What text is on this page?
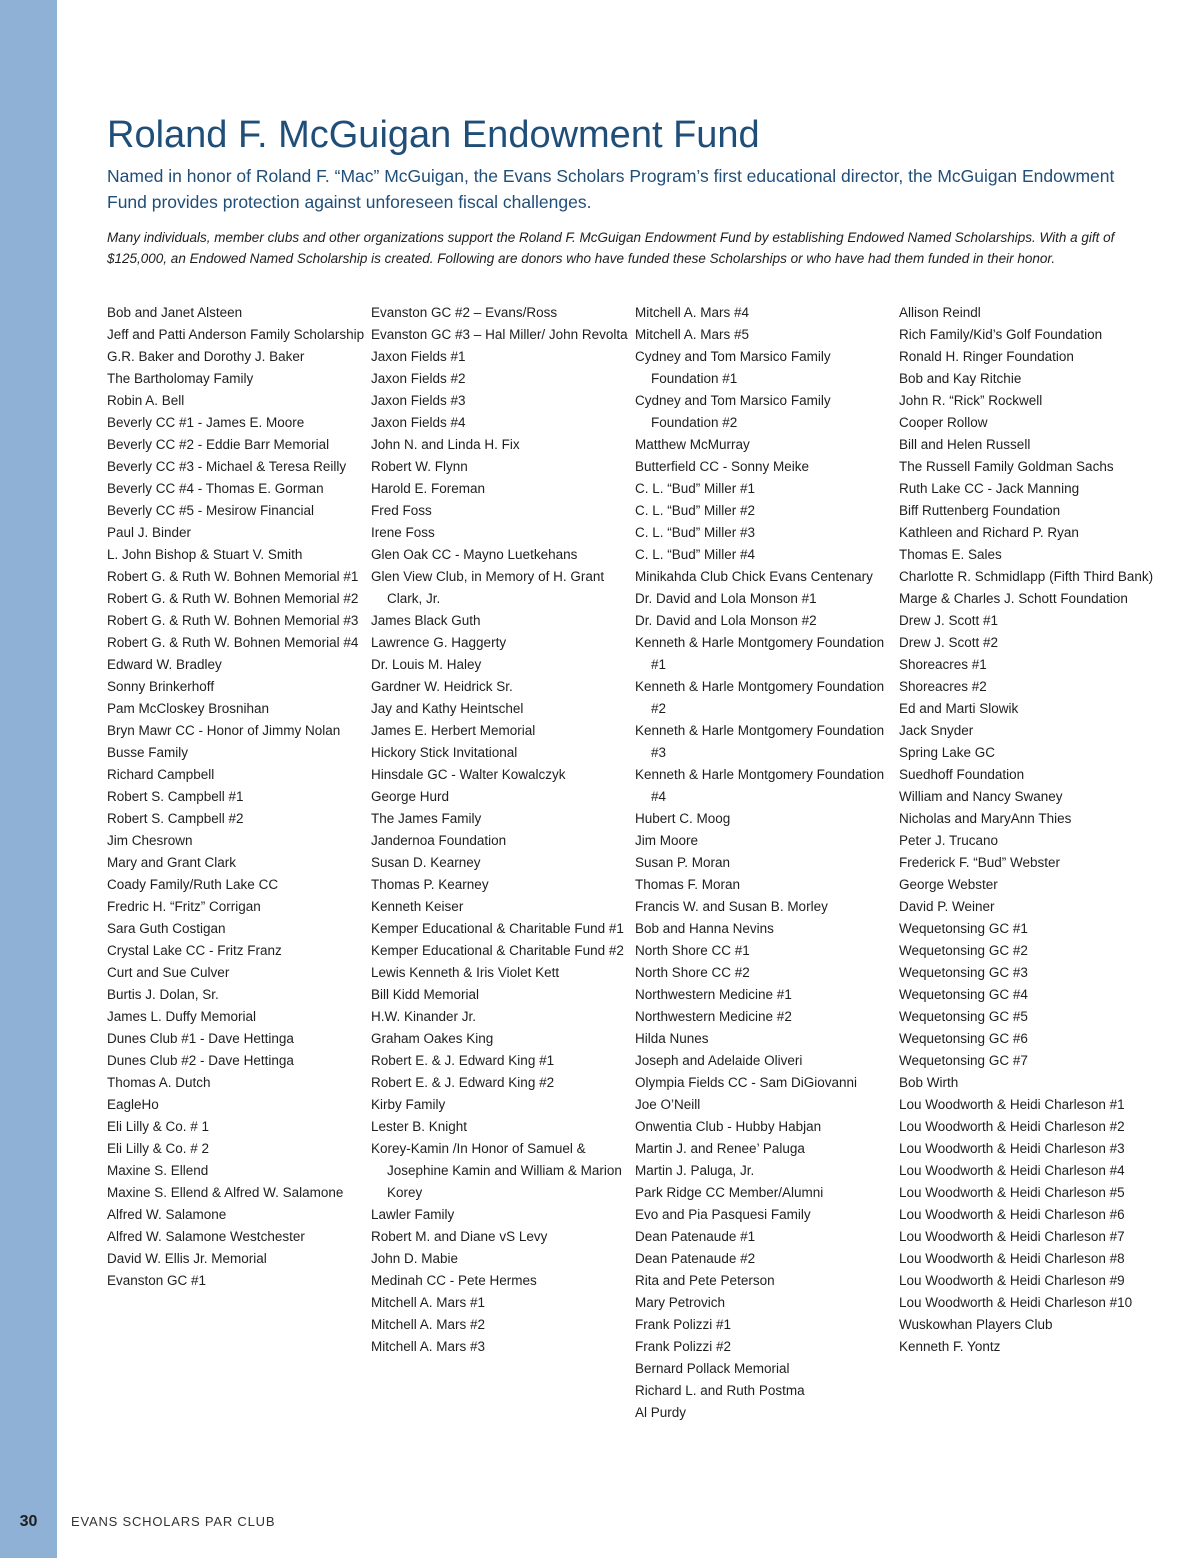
Roland F. McGuigan Endowment Fund

Named in honor of Roland F. “Mac” McGuigan, the Evans Scholars Program’s first educational director, the McGuigan Endowment Fund provides protection against unforeseen fiscal challenges.

Many individuals, member clubs and other organizations support the Roland F. McGuigan Endowment Fund by establishing Endowed Named Scholarships. With a gift of $125,000, an Endowed Named Scholarship is created. Following are donors who have funded these Scholarships or who have had them funded in their honor.

Bob and Janet Alsteen
Jeff and Patti Anderson Family Scholarship
G.R. Baker and Dorothy J. Baker
The Bartholomay Family
Robin A. Bell
Beverly CC #1 - James E. Moore
Beverly CC #2 - Eddie Barr Memorial
Beverly CC #3 - Michael & Teresa Reilly
Beverly CC #4 - Thomas E. Gorman
Beverly CC #5 - Mesirow Financial
Paul J. Binder
L. John Bishop & Stuart V. Smith
Robert G. & Ruth W. Bohnen Memorial #1
Robert G. & Ruth W. Bohnen Memorial #2
Robert G. & Ruth W. Bohnen Memorial #3
Robert G. & Ruth W. Bohnen Memorial #4
Edward W. Bradley
Sonny Brinkerhoff
Pam McCloskey Brosnihan
Bryn Mawr CC - Honor of Jimmy Nolan
Busse Family
Richard Campbell
Robert S. Campbell #1
Robert S. Campbell #2
Jim Chesrown
Mary and Grant Clark
Coady Family/Ruth Lake CC
Fredric H. “Fritz” Corrigan
Sara Guth Costigan
Crystal Lake CC - Fritz Franz
Curt and Sue Culver
Burtis J. Dolan, Sr.
James L. Duffy Memorial
Dunes Club #1 - Dave Hettinga
Dunes Club #2 - Dave Hettinga
Thomas A. Dutch
EagleHo
Eli Lilly & Co. # 1
Eli Lilly & Co. # 2
Maxine S. Ellend
Maxine S. Ellend & Alfred W. Salamone
Alfred W. Salamone
Alfred W. Salamone Westchester
David W. Ellis Jr. Memorial
Evanston GC #1
Evanston GC #2 – Evans/Ross
Evanston GC #3 – Hal Miller/ John Revolta
Jaxon Fields #1
Jaxon Fields #2
Jaxon Fields #3
Jaxon Fields #4
John N. and Linda H. Fix
Robert W. Flynn
Harold E. Foreman
Fred Foss
Irene Foss
Glen Oak CC - Mayno Luetkehans
Glen View Club, in Memory of H. Grant Clark, Jr.
James Black Guth
Lawrence G. Haggerty
Dr. Louis M. Haley
Gardner W. Heidrick Sr.
Jay and Kathy Heintschel
James E. Herbert Memorial
Hickory Stick Invitational
Hinsdale GC - Walter Kowalczyk
George Hurd
The James Family
Jandernoa Foundation
Susan D. Kearney
Thomas P. Kearney
Kenneth Keiser
Kemper Educational & Charitable Fund #1
Kemper Educational & Charitable Fund #2
Lewis Kenneth & Iris Violet Kett
Bill Kidd Memorial
H.W. Kinander Jr.
Graham Oakes King
Robert E. & J. Edward King #1
Robert E. & J. Edward King #2
Kirby Family
Lester B. Knight
Korey-Kamin /In Honor of Samuel & Josephine Kamin and William & Marion Korey
Lawler Family
Robert M. and Diane vS Levy
John D. Mabie
Medinah CC - Pete Hermes
Mitchell A. Mars #1
Mitchell A. Mars #2
Mitchell A. Mars #3
Mitchell A. Mars #4
Mitchell A. Mars #5
Cydney and Tom Marsico Family Foundation #1
Cydney and Tom Marsico Family Foundation #2
Matthew McMurray
Butterfield CC - Sonny Meike
C. L. “Bud” Miller #1
C. L. “Bud” Miller #2
C. L. “Bud” Miller #3
C. L. “Bud” Miller #4
Minikahda Club Chick Evans Centenary
Dr. David and Lola Monson #1
Dr. David and Lola Monson #2
Kenneth & Harle Montgomery Foundation #1
Kenneth & Harle Montgomery Foundation #2
Kenneth & Harle Montgomery Foundation #3
Kenneth & Harle Montgomery Foundation #4
Hubert C. Moog
Jim Moore
Susan P. Moran
Thomas F. Moran
Francis W. and Susan B. Morley
Bob and Hanna Nevins
North Shore CC #1
North Shore CC #2
Northwestern Medicine #1
Northwestern Medicine #2
Hilda Nunes
Joseph and Adelaide Oliveri
Olympia Fields CC - Sam DiGiovanni
Joe O’Neill
Onwentia Club - Hubby Habjan
Martin J. and Renee’ Paluga
Martin J. Paluga, Jr.
Park Ridge CC Member/Alumni
Evo and Pia Pasquesi Family
Dean Patenaude #1
Dean Patenaude #2
Rita and Pete Peterson
Mary Petrovich
Frank Polizzi #1
Frank Polizzi #2
Bernard Pollack Memorial
Richard L. and Ruth Postma
Al Purdy
Allison Reindl
Rich Family/Kid’s Golf Foundation
Ronald H. Ringer Foundation
Bob and Kay Ritchie
John R. “Rick” Rockwell
Cooper Rollow
Bill and Helen Russell
The Russell Family Goldman Sachs
Ruth Lake CC - Jack Manning
Biff Ruttenberg Foundation
Kathleen and Richard P. Ryan
Thomas E. Sales
Charlotte R. Schmidlapp (Fifth Third Bank)
Marge & Charles J. Schott Foundation
Drew J. Scott #1
Drew J. Scott #2
Shoreacres #1
Shoreacres #2
Ed and Marti Slowik
Jack Snyder
Spring Lake GC
Suedhoff Foundation
William and Nancy Swaney
Nicholas and MaryAnn Thies
Peter J. Trucano
Frederick F. “Bud” Webster
George Webster
David P. Weiner
Wequetonsing GC #1
Wequetonsing GC #2
Wequetonsing GC #3
Wequetonsing GC #4
Wequetonsing GC #5
Wequetonsing GC #6
Wequetonsing GC #7
Bob Wirth
Lou Woodworth & Heidi Charleson #1
Lou Woodworth & Heidi Charleson #2
Lou Woodworth & Heidi Charleson #3
Lou Woodworth & Heidi Charleson #4
Lou Woodworth & Heidi Charleson #5
Lou Woodworth & Heidi Charleson #6
Lou Woodworth & Heidi Charleson #7
Lou Woodworth & Heidi Charleson #8
Lou Woodworth & Heidi Charleson #9
Lou Woodworth & Heidi Charleson #10
Wuskowhan Players Club
Kenneth F. Yontz
30	EVANS SCHOLARS PAR CLUB
